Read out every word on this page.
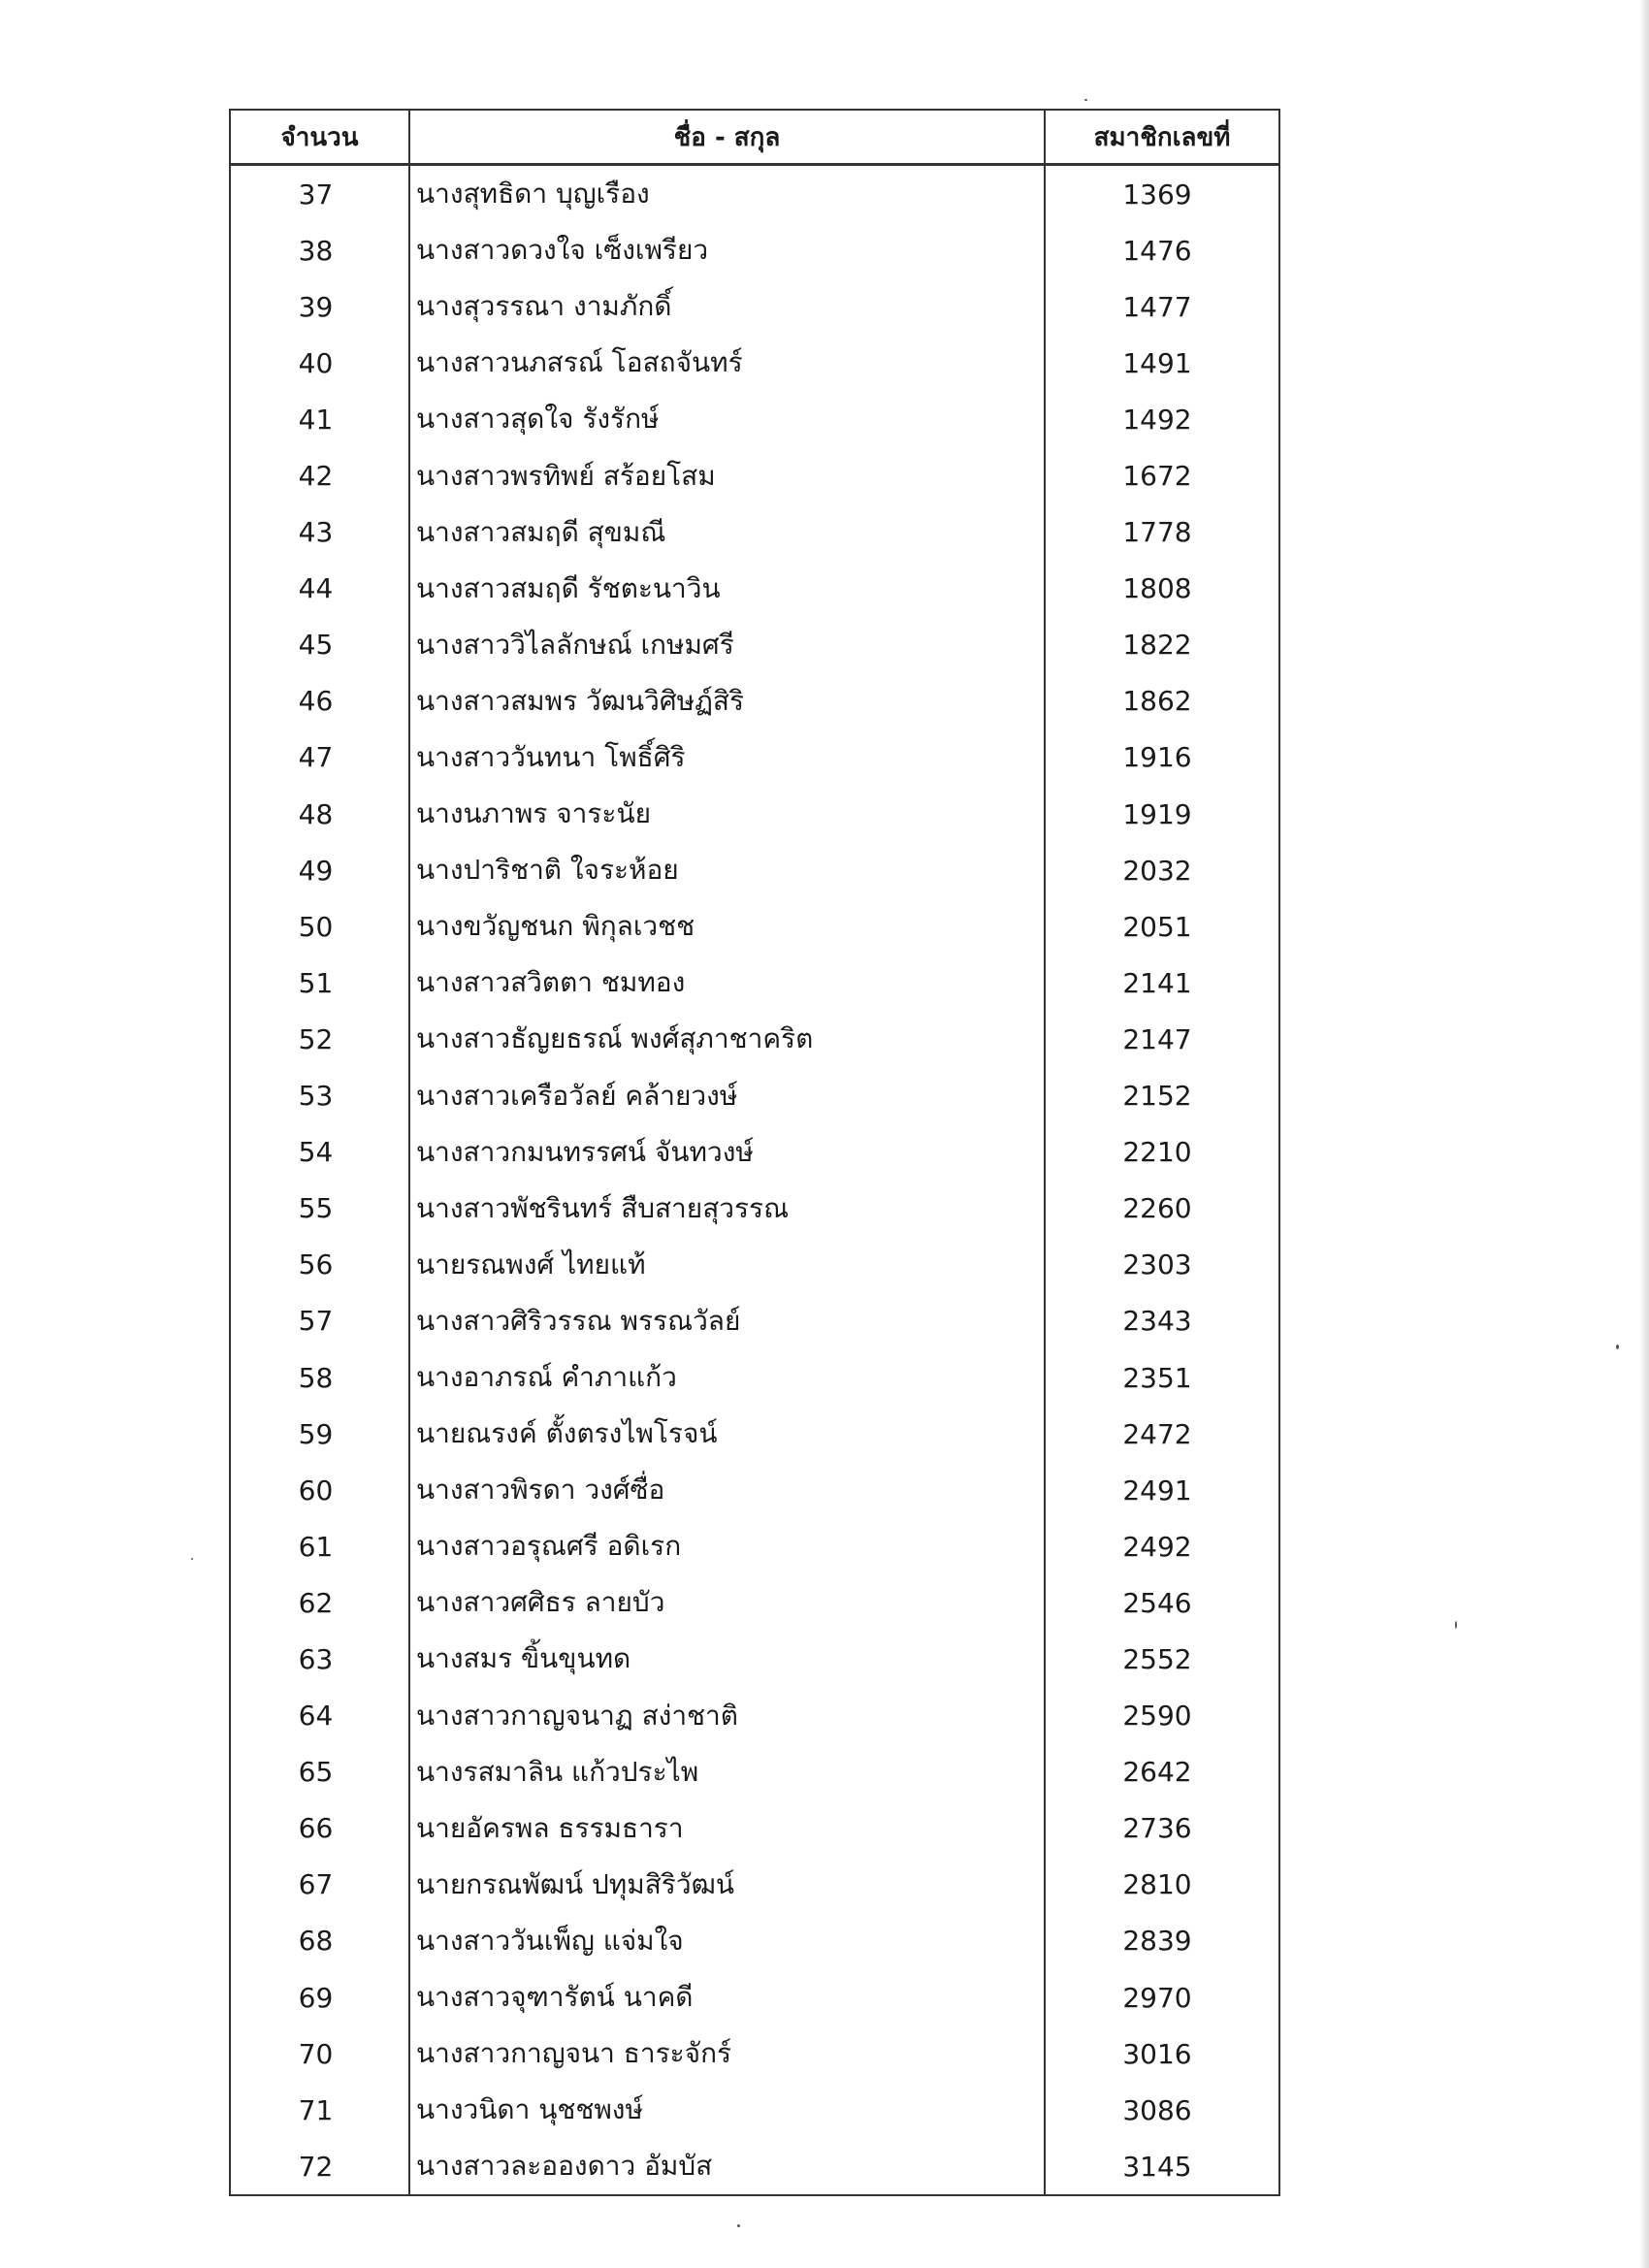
จำนวน	ชื่อ - สกุล	สมาชิกเลขที่
37	นางสุทธิดา บุญเรือง	1369
38	นางสาวดวงใจ เซ็งเพรียว	1476
39	นางสุวรรณา งามภักดิ์	1477
40	นางสาวนภสรณ์ โอสถจันทร์	1491
41	นางสาวสุดใจ รังรักษ์	1492
42	นางสาวพรทิพย์ สร้อยโสม	1672
43	นางสาวสมฤดี สุขมณี	1778
44	นางสาวสมฤดี รัชตะนาวิน	1808
45	นางสาววิไลลักษณ์ เกษมศรี	1822
46	นางสาวสมพร วัฒนวิศิษฏ์สิริ	1862
47	นางสาววันทนา โพธิ์ศิริ	1916
48	นางนภาพร จาระนัย	1919
49	นางปาริชาติ ใจระห้อย	2032
50	นางขวัญชนก พิกุลเวชช	2051
51	นางสาวสวิตตา ชมทอง	2141
52	นางสาวธัญยธรณ์ พงศ์สุภาชาคริต	2147
53	นางสาวเครือวัลย์ คล้ายวงษ์	2152
54	นางสาวกมนทรรศน์ จันทวงษ์	2210
55	นางสาวพัชรินทร์ สืบสายสุวรรณ	2260
56	นายรณพงศ์ ไทยแท้	2303
57	นางสาวศิริวรรณ พรรณวัลย์	2343
58	นางอาภรณ์ คำภาแก้ว	2351
59	นายณรงค์ ตั้งตรงไพโรจน์	2472
60	นางสาวพิรดา วงศ์ซื่อ	2491
61	นางสาวอรุณศรี อดิเรก	2492
62	นางสาวศศิธร ลายบัว	2546
63	นางสมร ขิ้นขุนทด	2552
64	นางสาวกาญจนาฏ สง่าชาติ	2590
65	นางรสมาลิน แก้วประไพ	2642
66	นายอัครพล ธรรมธารา	2736
67	นายกรณพัฒน์ ปทุมสิริวัฒน์	2810
68	นางสาววันเพ็ญ แจ่มใจ	2839
69	นางสาวจุฑารัตน์ นาคดี	2970
70	นางสาวกาญจนา ธาระจักร์	3016
71	นางวนิดา นุชชพงษ์	3086
72	นางสาวละอองดาว อัมบัส	3145
